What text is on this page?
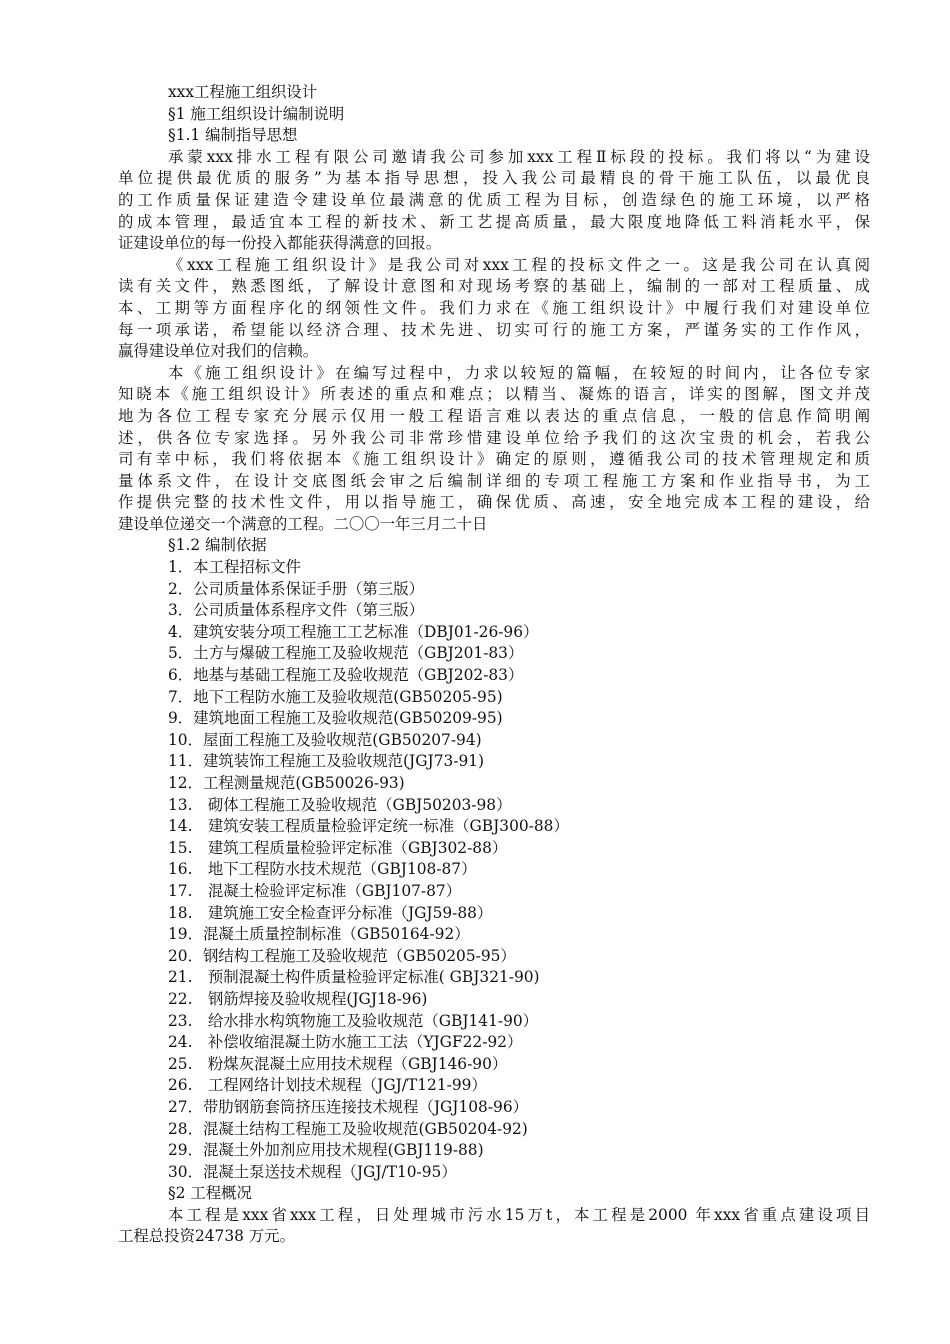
xxx工程施工组织设计
§1 施工组织设计编制说明
§1.1 编制指导思想
承蒙xxx排水工程有限公司邀请我公司参加xxx工程Ⅱ标段的投标。我们将以“为建设
单位提供最优质的服务”为基本指导思想，投入我公司最精良的骨干施工队伍，以最优良
的工作质量保证建造令建设单位最满意的优质工程为目标，创造绿色的施工环境，以严格
的成本管理，最适宜本工程的新技术、新工艺提高质量，最大限度地降低工料消耗水平，保
证建设单位的每一份投入都能获得满意的回报。
《xxx工程施工组织设计》是我公司对xxx工程的投标文件之一。这是我公司在认真阅
读有关文件，熟悉图纸，了解设计意图和对现场考察的基础上，编制的一部对工程质量、成
本、工期等方面程序化的纲领性文件。我们力求在《施工组织设计》中履行我们对建设单位
每一项承诺，希望能以经济合理、技术先进、切实可行的施工方案，严谨务实的工作作风，
赢得建设单位对我们的信赖。
本《施工组织设计》在编写过程中，力求以较短的篇幅，在较短的时间内，让各位专家
知晓本《施工组织设计》所表述的重点和难点；以精当、凝炼的语言，详实的图解，图文并茂
地为各位工程专家充分展示仅用一般工程语言难以表达的重点信息，一般的信息作简明阐
述，供各位专家选择。另外我公司非常珍惜建设单位给予我们的这次宝贵的机会，若我公
司有幸中标，我们将依据本《施工组织设计》确定的原则，遵循我公司的技术管理规定和质
量体系文件，在设计交底图纸会审之后编制详细的专项工程施工方案和作业指导书，为工
作提供完整的技术性文件，用以指导施工，确保优质、高速，安全地完成本工程的建设，给
建设单位递交一个满意的工程。二〇〇一年三月二十日
§1.2 编制依据
1．本工程招标文件
2．公司质量体系保证手册（第三版）
3．公司质量体系程序文件（第三版）
4．建筑安装分项工程施工工艺标准（DBJ01-26-96）
5．土方与爆破工程施工及验收规范（GBJ201-83）
6．地基与基础工程施工及验收规范（GBJ202-83）
7．地下工程防水施工及验收规范(GB50205-95)
9．建筑地面工程施工及验收规范(GB50209-95)
10．屋面工程施工及验收规范(GB50207-94)
11．建筑装饰工程施工及验收规范(JGJ73-91)
12．工程测量规范(GB50026-93)
13.　砌体工程施工及验收规范（GBJ50203-98）
14.　建筑安装工程质量检验评定统一标准（GBJ300-88）
15.　建筑工程质量检验评定标准（GBJ302-88）
16.　地下工程防水技术规范（GBJ108-87）
17.　混凝土检验评定标准（GBJ107-87）
18.　建筑施工安全检查评分标准（JGJ59-88）
19．混凝土质量控制标准（GB50164-92）
20．钢结构工程施工及验收规范（GB50205-95）
21.　预制混凝土构件质量检验评定标准( GBJ321-90)
22.　钢筋焊接及验收规程(JGJ18-96)
23.　给水排水构筑物施工及验收规范（GBJ141-90）
24.　补偿收缩混凝土防水施工工法（YJGF22-92）
25.　粉煤灰混凝土应用技术规程（GBJ146-90）
26.　工程网络计划技术规程（JGJ/T121-99）
27．带肋钢筋套筒挤压连接技术规程（JGJ108-96）
28．混凝土结构工程施工及验收规范(GB50204-92)
29．混凝土外加剂应用技术规程(GBJ119-88)
30．混凝土泵送技术规程（JGJ/T10-95）
§2 工程概况
本工程是xxx省xxx工程，日处理城市污水15万t，本工程是2000 年xxx省重点建设项目
工程总投资24738 万元。
